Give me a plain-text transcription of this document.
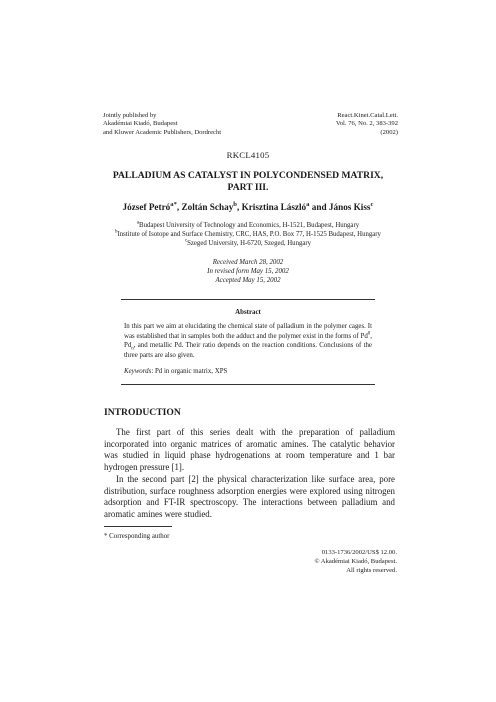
Jointly published by
Akadémiai Kiadó, Budapest
and Kluwer Academic Publishers, Dordrecht
React.Kinet.Catal.Lett.
Vol. 76, No. 2, 383-392
(2002)
RKCL4105
PALLADIUM AS CATALYST IN POLYCONDENSED MATRIX,
PART III.
József Petró$^{a*}$, Zoltán Schay$^b$, Krisztina László$^a$ and János Kiss$^c$
$^a$Budapest University of Technology and Economics, H-1521, Budapest, Hungary
$^b$Institute of Isotope and Surface Chemistry, CRC, HAS, P.O. Box 77, H-1525 Budapest, Hungary
$^c$Szeged University, H-6720, Szeged, Hungary
Received March 28, 2002
In revised form May 15, 2002
Accepted May 15, 2002
Abstract
In this part we aim at elucidating the chemical state of palladium in the polymer cages. It was established that in samples both the adduct and the polymer exist in the forms of Pd$^0$, $Pd_n$, and metallic Pd. Their ratio depends on the reaction conditions. Conclusions of the three parts are also given.
Keywords: Pd in organic matrix, XPS
INTRODUCTION

The first part of this series dealt with the preparation of palladium incorporated into organic matrices of aromatic amines. The catalytic behavior was studied in liquid phase hydrogenations at room temperature and 1 bar hydrogen pressure [1].

In the second part [2] the physical characterization like surface area, pore distribution, surface roughness adsorption energies were explored using nitrogen adsorption and FT-IR spectroscopy. The interactions between palladium and aromatic amines were studied.

* Corresponding author
0133-1736/2002/US$ 12.00.
© Akadémiai Kiadó, Budapest.
All rights reserved.
